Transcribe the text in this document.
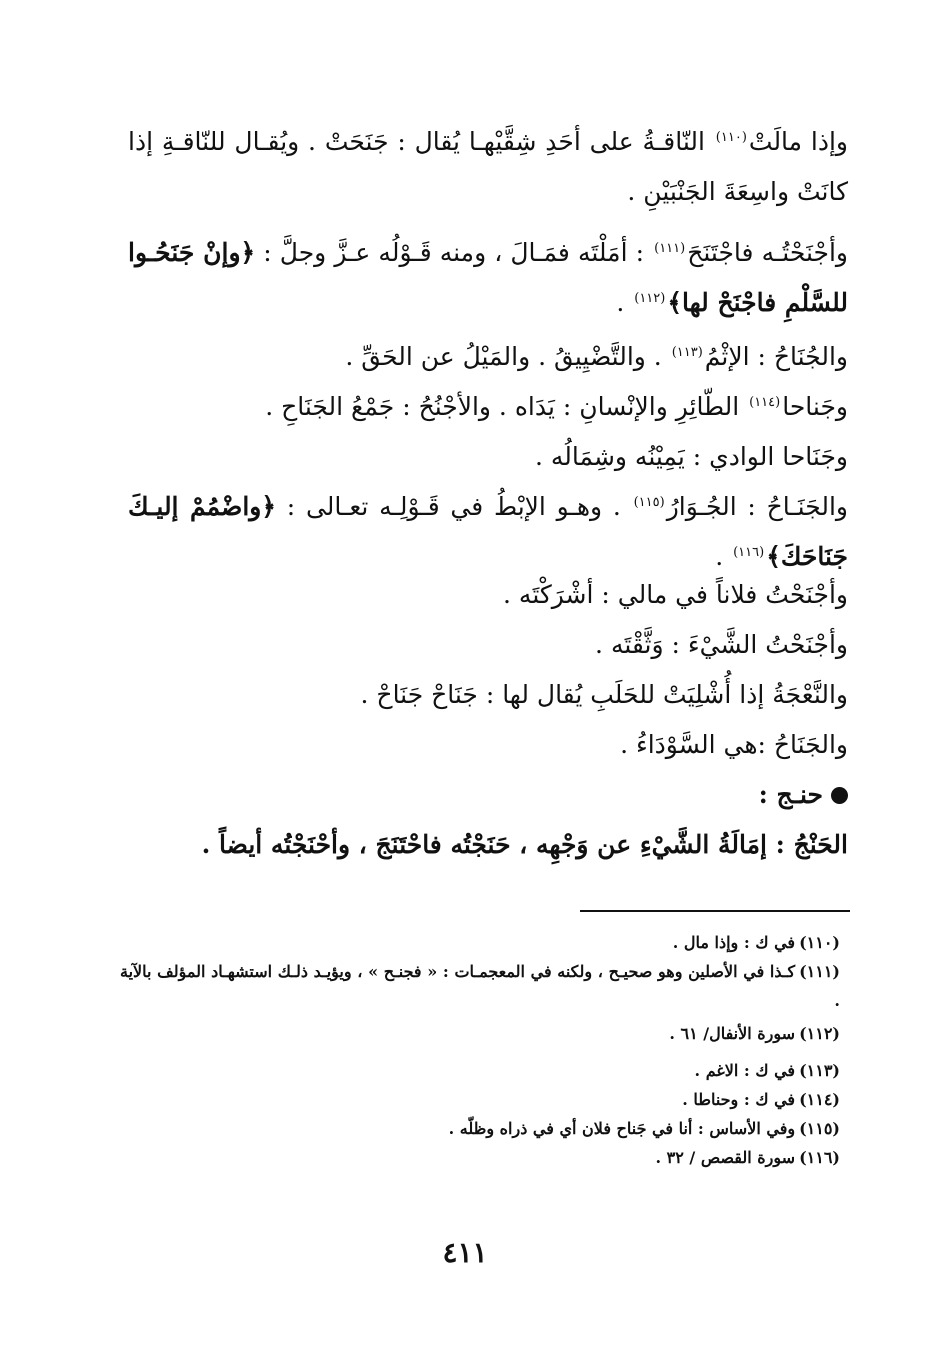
وإذا مالَتْ$^{(١١٠)}$ النّاقـةُ على أحَدِ شِقَّيْهـا يُقال : جَنَحَتْ . ويُقـال للنّاقـةِ إذا كانَتْ واسِعَةَ الجَنْبَيْنِ .

وأجْنَحْتُـه فاجْتَنَحَ$^{(١١١)}$ : أمَلْتَه فمَـالَ ، ومنه قَـوْلُه عـزَّ وجلَّ : ﴿وإنْ جَنَحُـوا للسَّلْمِ فاجْنَحْ لها﴾$^{(١١٢)}$ .

والجُنَاحُ : الإثْمُ$^{(١١٣)}$ . والتَّضْيِيقُ . والمَيْلُ عن الحَقِّ .

وجَناحا$^{(١١٤)}$ الطّائِرِ والإنْسانِ : يَدَاه . والأجْنُحُ : جَمْعُ الجَنَاحِ .

وجَنَاحا الوادي : يَمِيْنُه وشِمَالُه .

والجَنَـاحُ : الجُـوَارُ$^{(١١٥)}$ . وهـو الإبْطُ في قَـوْلِـه تعـالى : ﴿واضْمُمْ إليـكَ جَنَاحَكَ﴾$^{(١١٦)}$ .

وأجْنَحْتُ فلاناً في مالي : أشْرَكْتَه .

وأجْنَحْتُ الشَّيْءَ : وَثَّقْتَه .

والنَّعْجَةُ إذا أُشْلِيَتْ للحَلَبِ يُقال لها : جَنَاحْ جَنَاحْ .

والجَنَاحُ :هي السَّوْدَاءُ .

حنـج :

الحَنْجُ : إمَالَةُ الشَّيْءِ عن وَجْهِه ، حَنَجْتُه فاحْتَنَجَ ، وأحْنَجْتُه أيضاً .

(١١٠)في ك : وإذا مال .

(١١١)كـذا في الأصلين وهو صحيـح ، ولكنه في المعجمـات : « فجنـح » ، ويؤيـد ذلـك استشهـاد المؤلف بالآية .

(١١٢)سورة الأنفال/ ٦١ .

(١١٣)في ك : الاغم .

(١١٤)في ك : وحناطا .

(١١٥)وفي الأساس : أنا في جَناح فلان أي في ذراه وظلّه .

(١١٦)سورة القصص / ٣٢ .

٤١١
